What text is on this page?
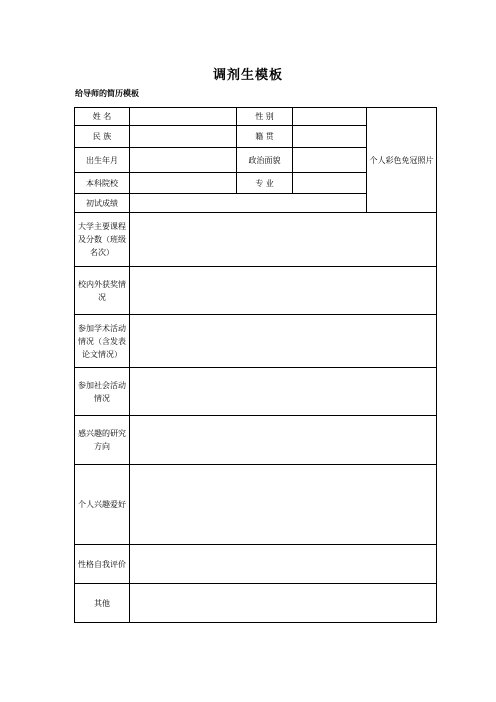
调剂生模板
给导师的简历模板
姓 名		性 别		个人彩色免冠照片
民 族		籍 贯		
出生年月		政治面貌		
本科院校		专 业		
初试成绩				
大学主要课程及分数（班级名次）				
校内外获奖情况				
参加学术活动情况（含发表论文情况）				
参加社会活动情况				
感兴趣的研究方向				
个人兴趣爱好				
性格自我评价				
其他				
